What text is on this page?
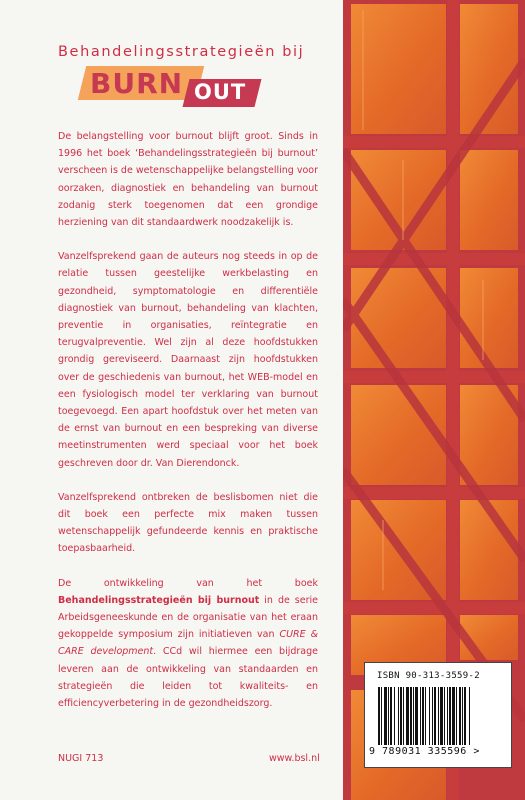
Behandelingsstrategieën bij
BURN OUT

De belangstelling voor burnout blijft groot. Sinds in 1996 het boek ‘Behandelingsstrategieën bij burnout’ verscheen is de wetenschappelijke belangstelling voor oorzaken, diagnostiek en behandeling van burnout zodanig sterk toegenomen dat een grondige herziening van dit standaardwerk noodzakelijk is.

Vanzelfsprekend gaan de auteurs nog steeds in op de relatie tussen geestelijke werkbelasting en gezondheid, symptomatologie en differentiële diagnostiek van burnout, behandeling van klachten, preventie in organisaties, reïntegratie en terugvalpreventie. Wel zijn al deze hoofdstukken grondig gereviseerd. Daarnaast zijn hoofdstukken over de geschiedenis van burnout, het WEB-model en een fysiologisch model ter verklaring van burnout toegevoegd. Een apart hoofdstuk over het meten van de ernst van burnout en een bespreking van diverse meetinstrumenten werd speciaal voor het boek geschreven door dr. Van Dierendonck.

Vanzelfsprekend ontbreken de beslisbomen niet die dit boek een perfecte mix maken tussen wetenschappelijk gefundeerde kennis en praktische toepasbaarheid.

De ontwikkeling van het boek Behandelingsstrategieën bij burnout in de serie Arbeidsgeneeskunde en de organisatie van het eraan gekoppelde symposium zijn initiatieven van CURE & CARE development. CCd wil hiermee een bijdrage leveren aan de ontwikkeling van standaarden en strategieën die leiden tot kwaliteits- en efficiencyverbetering in de gezondheidszorg.

NUGI 713	www.bsl.nl
ISBN 90-313-3559-2
9 789031 335596 >
